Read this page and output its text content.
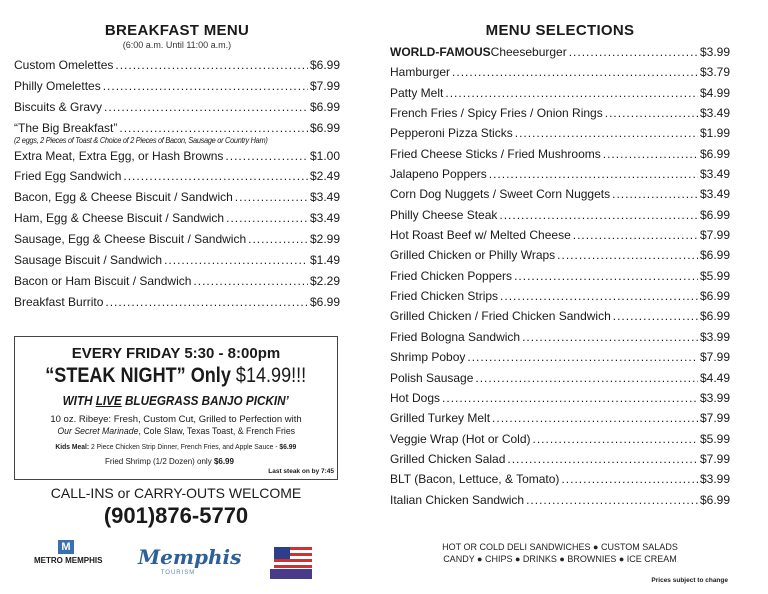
BREAKFAST MENU
(6:00 a.m. Until 11:00 a.m.)
Custom Omelettes .....	$6.99
Philly Omelettes .....	$7.99
Biscuits & Gravy .....	$6.99
“The Big Breakfast” .....	$6.99
(2 eggs, 2 Pieces of Toast & Choice of 2 Pieces of Bacon, Sausage or Country Ham)
Extra Meat, Extra Egg, or Hash Browns .....	$1.00
Fried Egg Sandwich .....	$2.49
Bacon, Egg & Cheese Biscuit / Sandwich .....	$3.49
Ham, Egg & Cheese Biscuit / Sandwich .....	$3.49
Sausage, Egg & Cheese Biscuit / Sandwich .....	$2.99
Sausage Biscuit / Sandwich .....	$1.49
Bacon or Ham Biscuit / Sandwich .....	$2.29
Breakfast Burrito .....	$6.99
EVERY FRIDAY 5:30 - 8:00pm
“STEAK NIGHT” Only $14.99!!!
WITH LIVE BLUEGRASS BANJO PICKIN’
10 oz. Ribeye: Fresh, Custom Cut, Grilled to Perfection with
Our Secret Marinade, Cole Slaw, Texas Toast, & French Fries
Kids Meal: 2 Piece Chicken Strip Dinner, French Fries, and Apple Sauce - $6.99
Fried Shrimp (1/2 Dozen) only $6.99
Last steak on by 7:45
CALL-INS or CARRY-OUTS WELCOME
(901)876-5770
M
METRO MEMPHIS Memphis
TOURISM
MENU SELECTIONS
WORLD-FAMOUS Cheeseburger .....	$3.99
Hamburger .....	$3.79
Patty Melt .....	$4.99
French Fries / Spicy Fries / Onion Rings .....	$3.49
Pepperoni Pizza Sticks .....	$1.99
Fried Cheese Sticks / Fried Mushrooms .....	$6.99
Jalapeno Poppers .....	$3.49
Corn Dog Nuggets / Sweet Corn Nuggets .....	$3.49
Philly Cheese Steak .....	$6.99
Hot Roast Beef w/ Melted Cheese .....	$7.99
Grilled Chicken or Philly Wraps .....	$6.99
Fried Chicken Poppers .....	$5.99
Fried Chicken Strips .....	$6.99
Grilled Chicken / Fried Chicken Sandwich .....	$6.99
Fried Bologna Sandwich .....	$3.99
Shrimp Poboy .....	$7.99
Polish Sausage .....	$4.49
Hot Dogs .....	$3.99
Grilled Turkey Melt .....	$7.99
Veggie Wrap (Hot or Cold) .....	$5.99
Grilled Chicken Salad .....	$7.99
BLT (Bacon, Lettuce, & Tomato) .....	$3.99
Italian Chicken Sandwich .....	$6.99
HOT OR COLD DELI SANDWICHES ● CUSTOM SALADS
CANDY ● CHIPS ● DRINKS ● BROWNIES ● ICE CREAM
Prices subject to change
